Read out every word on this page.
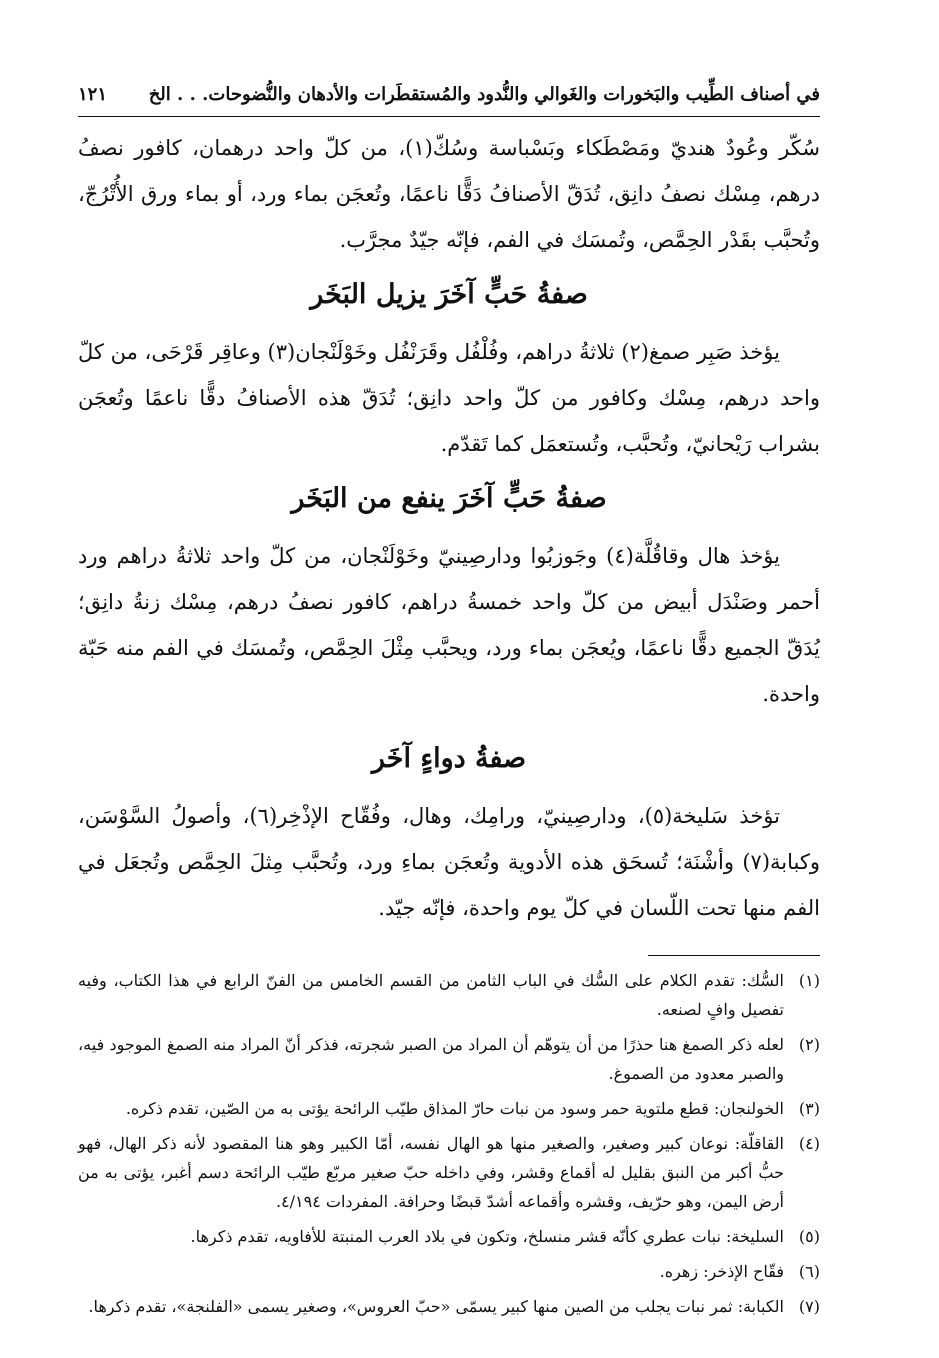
في أصناف الطِّيب والبَخورات والغَوالي والنُّدود والمُستقطَرات والأدهان والنُّضوحات. . . الخ
١٢١

سُكّر وعُودٌ هنديّ ومَصْطَكاء وبَسْباسة وسُكّ(١)، من كلّ واحد درهمان، كافور نصفُ درهم، مِسْك نصفُ دانِق، تُدَقّ الأصنافُ دَقًّا ناعمًا، وتُعجَن بماء ورد، أو بماء ورق الأُتْرُجّ، وتُحبَّب بقَدْر الحِمَّص، وتُمسَك في الفم، فإنّه جيّدٌ مجرَّب.

صفةُ حَبٍّ آخَرَ يزيل البَخَر

يؤخذ صَبِر صمغ(٢) ثلاثةُ دراهم، وفُلْفُل وقَرَنْفُل وخَوْلَنْجان(٣) وعاقِر قَرْحَى، من كلّ واحد درهم، مِسْك وكافور من كلّ واحد دانِق؛ تُدَقّ هذه الأصنافُ دقًّا ناعمًا وتُعجَن بشراب رَيْحانيّ، وتُحبَّب، وتُستعمَل كما تَقدّم.

صفةُ حَبٍّ آخَرَ ينفع من البَخَر

يؤخذ هال وقاقُلَّة(٤) وجَوزبُوا ودارصِينيّ وخَوْلَنْجان، من كلّ واحد ثلاثةُ دراهم ورد أحمر وصَنْدَل أبيض من كلّ واحد خمسةُ دراهم، كافور نصفُ درهم، مِسْك زنةُ دانِق؛ يُدَقّ الجميع دقًّا ناعمًا، ويُعجَن بماء ورد، ويحبَّب مِثْلَ الحِمَّص، وتُمسَك في الفم منه حَبّة واحدة.

صفةُ دواءٍ آخَر

تؤخذ سَليخة(٥)، ودارصِينيّ، ورامِك، وهال، وفُقّاح الإذْخِر(٦)، وأصولُ السَّوْسَن، وكبابة(٧) وأشْنَة؛ تُسحَق هذه الأدوية وتُعجَن بماءِ ورد، وتُحبَّب مِثلَ الحِمَّص وتُجعَل في الفم منها تحت اللّسان في كلّ يوم واحدة، فإنّه جيّد.

(١)
السُّك: تقدم الكلام على السُّك في الباب الثامن من القسم الخامس من الفنّ الرابع في هذا الكتاب، وفيه تفصيل وافٍ لصنعه.
(٢)
لعله ذكر الصمغ هنا حذرًا من أن يتوهّم أن المراد من الصبر شجرته، فذكر أنّ المراد منه الصمغ الموجود فيه، والصبر معدود من الصموغ.
(٣)
الخولنجان: قطع ملتوية حمر وسود من نبات حارّ المذاق طيّب الرائحة يؤتى به من الصّين، تقدم ذكره.
(٤)
القاقلّة: نوعان كبير وصغير، والصغير منها هو الهال نفسه، أمّا الكبير وهو هنا المقصود لأنه ذكر الهال، فهو حبُّ أكبر من النبق بقليل له أقماع وقشر، وفي داخله حبّ صغير مربّع طيّب الرائحة دسم أغبر، يؤتى به من أرض اليمن، وهو حرّيف، وقشره وأقماعه أشدّ قبضًا وحرافة. المفردات ٤/١٩٤.
(٥)
السليخة: نبات عطري كأنّه قشر منسلخ، وتكون في بلاد العرب المنبتة للأفاويه، تقدم ذكرها.
(٦)
فقّاح الإذخر: زهره.
(٧)
الكبابة: ثمر نبات يجلب من الصين منها كبير يسمّى «حبّ العروس»، وصغير يسمى «الفلنجة»، تقدم ذكرها.
